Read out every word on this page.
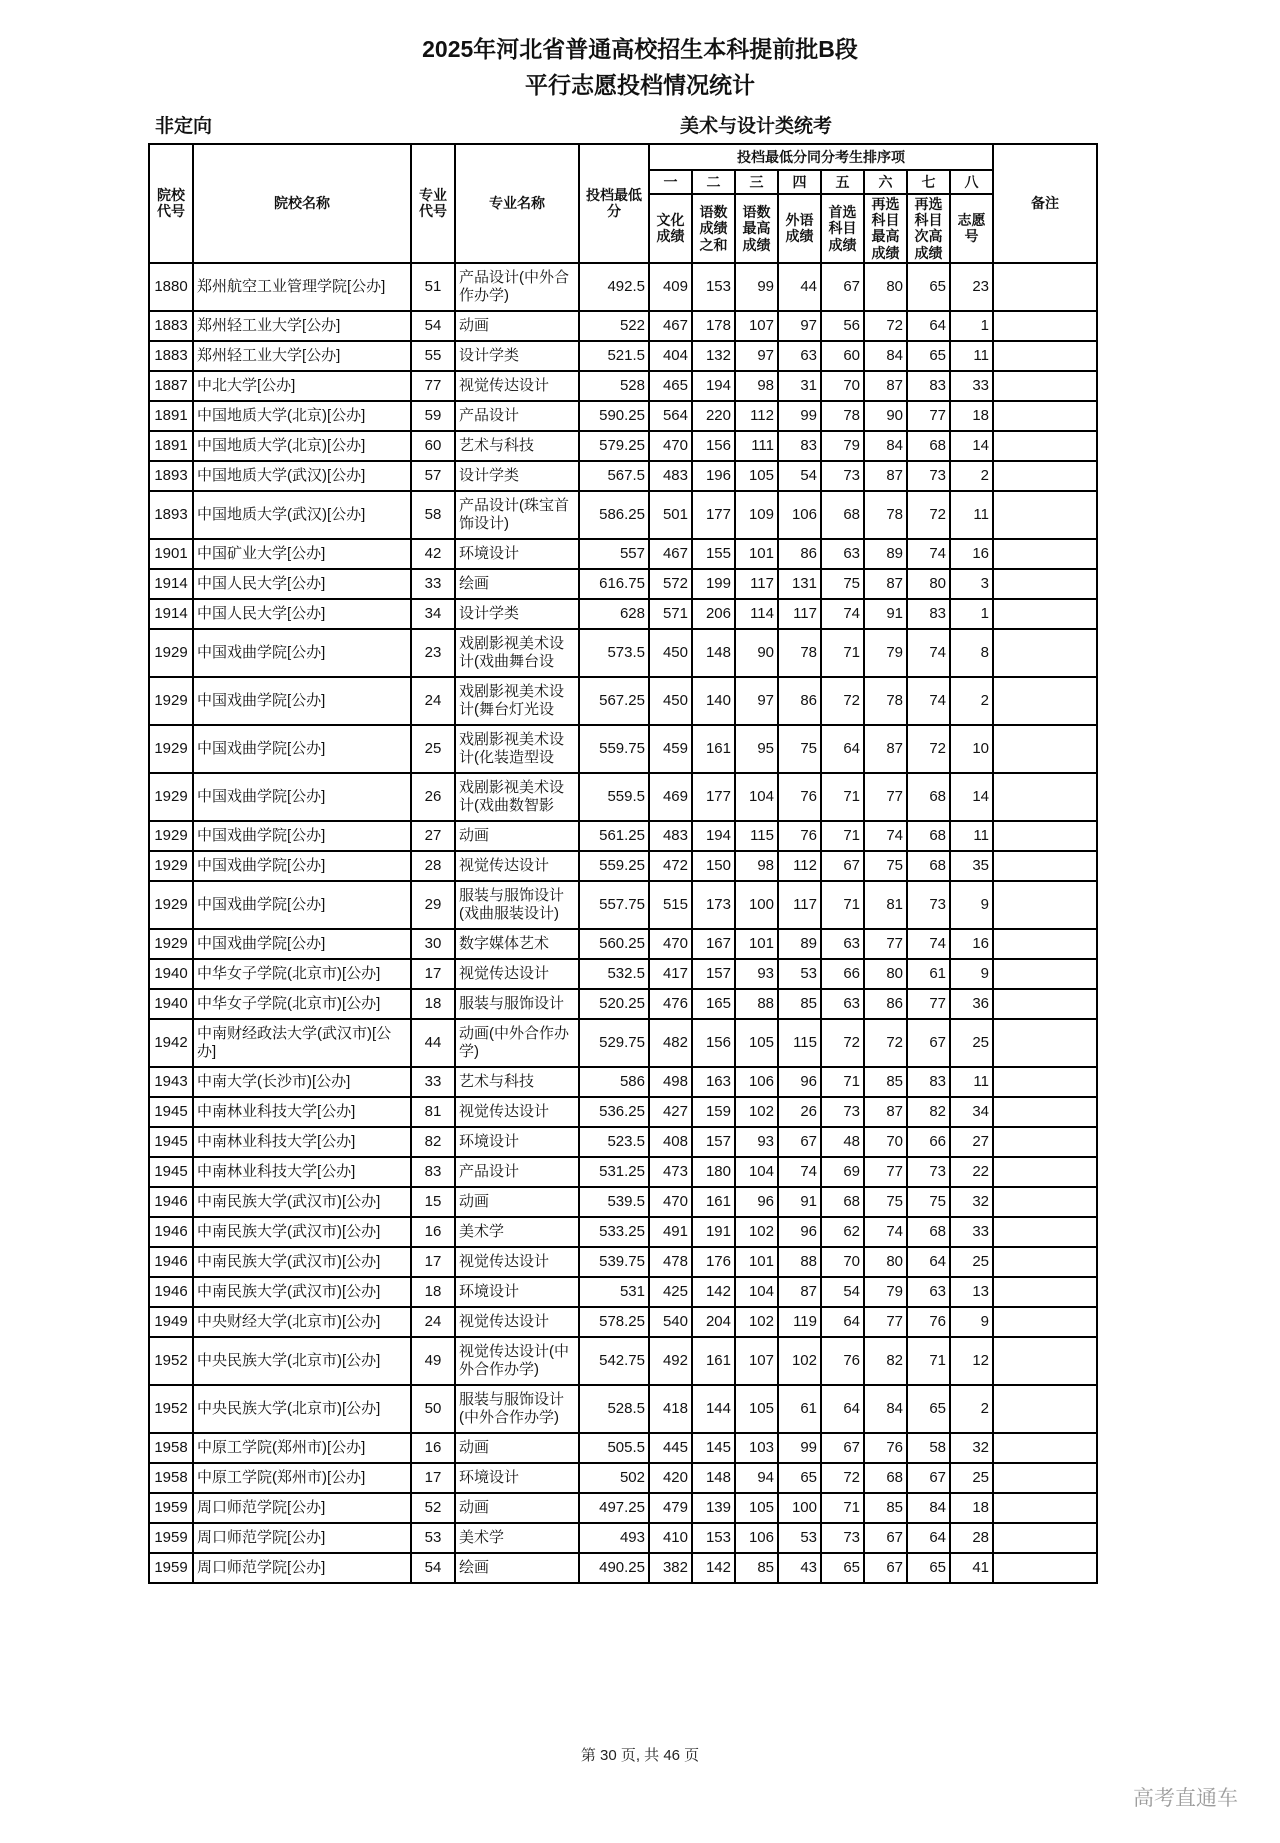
2025年河北省普通高校招生本科提前批B段
平行志愿投档情况统计
非定向	美术与设计类统考
院校代号	院校名称	专业代号	专业名称	投档最低分	投档最低分同分考生排序项								备注
					一	二	三	四	五	六	七	八	
					文化成绩	语数成绩之和	语数最高成绩	外语成绩	首选科目成绩	再选科目最高成绩	再选科目次高成绩	志愿号	
1880	郑州航空工业管理学院[公办]	51	产品设计(中外合作办学)	492.5	409	153	99	44	67	80	65	23	
1883	郑州轻工业大学[公办]	54	动画	522	467	178	107	97	56	72	64	1	
1883	郑州轻工业大学[公办]	55	设计学类	521.5	404	132	97	63	60	84	65	11	
1887	中北大学[公办]	77	视觉传达设计	528	465	194	98	31	70	87	83	33	
1891	中国地质大学(北京)[公办]	59	产品设计	590.25	564	220	112	99	78	90	77	18	
1891	中国地质大学(北京)[公办]	60	艺术与科技	579.25	470	156	111	83	79	84	68	14	
1893	中国地质大学(武汉)[公办]	57	设计学类	567.5	483	196	105	54	73	87	73	2	
1893	中国地质大学(武汉)[公办]	58	产品设计(珠宝首饰设计)	586.25	501	177	109	106	68	78	72	11	
1901	中国矿业大学[公办]	42	环境设计	557	467	155	101	86	63	89	74	16	
1914	中国人民大学[公办]	33	绘画	616.75	572	199	117	131	75	87	80	3	
1914	中国人民大学[公办]	34	设计学类	628	571	206	114	117	74	91	83	1	
1929	中国戏曲学院[公办]	23	戏剧影视美术设计(戏曲舞台设	573.5	450	148	90	78	71	79	74	8	
1929	中国戏曲学院[公办]	24	戏剧影视美术设计(舞台灯光设	567.25	450	140	97	86	72	78	74	2	
1929	中国戏曲学院[公办]	25	戏剧影视美术设计(化装造型设	559.75	459	161	95	75	64	87	72	10	
1929	中国戏曲学院[公办]	26	戏剧影视美术设计(戏曲数智影	559.5	469	177	104	76	71	77	68	14	
1929	中国戏曲学院[公办]	27	动画	561.25	483	194	115	76	71	74	68	11	
1929	中国戏曲学院[公办]	28	视觉传达设计	559.25	472	150	98	112	67	75	68	35	
1929	中国戏曲学院[公办]	29	服装与服饰设计(戏曲服装设计)	557.75	515	173	100	117	71	81	73	9	
1929	中国戏曲学院[公办]	30	数字媒体艺术	560.25	470	167	101	89	63	77	74	16	
1940	中华女子学院(北京市)[公办]	17	视觉传达设计	532.5	417	157	93	53	66	80	61	9	
1940	中华女子学院(北京市)[公办]	18	服装与服饰设计	520.25	476	165	88	85	63	86	77	36	
1942	中南财经政法大学(武汉市)[公办]	44	动画(中外合作办学)	529.75	482	156	105	115	72	72	67	25	
1943	中南大学(长沙市)[公办]	33	艺术与科技	586	498	163	106	96	71	85	83	11	
1945	中南林业科技大学[公办]	81	视觉传达设计	536.25	427	159	102	26	73	87	82	34	
1945	中南林业科技大学[公办]	82	环境设计	523.5	408	157	93	67	48	70	66	27	
1945	中南林业科技大学[公办]	83	产品设计	531.25	473	180	104	74	69	77	73	22	
1946	中南民族大学(武汉市)[公办]	15	动画	539.5	470	161	96	91	68	75	75	32	
1946	中南民族大学(武汉市)[公办]	16	美术学	533.25	491	191	102	96	62	74	68	33	
1946	中南民族大学(武汉市)[公办]	17	视觉传达设计	539.75	478	176	101	88	70	80	64	25	
1946	中南民族大学(武汉市)[公办]	18	环境设计	531	425	142	104	87	54	79	63	13	
1949	中央财经大学(北京市)[公办]	24	视觉传达设计	578.25	540	204	102	119	64	77	76	9	
1952	中央民族大学(北京市)[公办]	49	视觉传达设计(中外合作办学)	542.75	492	161	107	102	76	82	71	12	
1952	中央民族大学(北京市)[公办]	50	服装与服饰设计(中外合作办学)	528.5	418	144	105	61	64	84	65	2	
1958	中原工学院(郑州市)[公办]	16	动画	505.5	445	145	103	99	67	76	58	32	
1958	中原工学院(郑州市)[公办]	17	环境设计	502	420	148	94	65	72	68	67	25	
1959	周口师范学院[公办]	52	动画	497.25	479	139	105	100	71	85	84	18	
1959	周口师范学院[公办]	53	美术学	493	410	153	106	53	73	67	64	28	
1959	周口师范学院[公办]	54	绘画	490.25	382	142	85	43	65	67	65	41	
第 30 页, 共 46 页
高考直通车
